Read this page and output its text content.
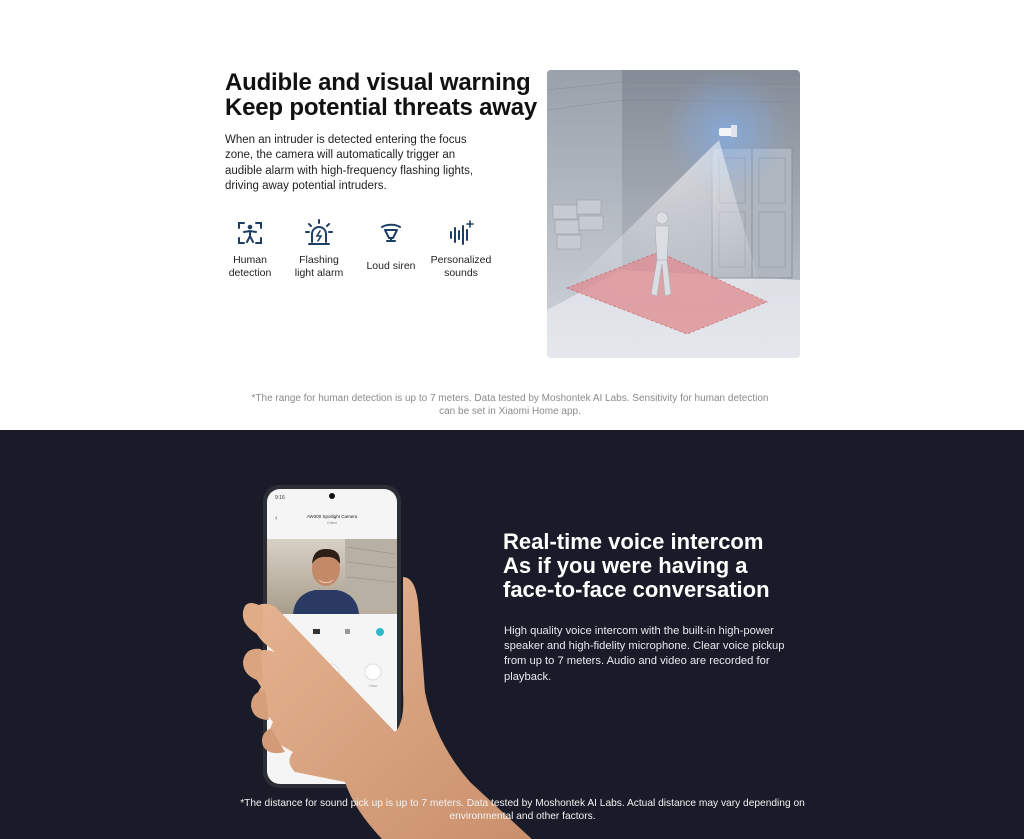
Audible and visual warning
Keep potential threats away

When an intruder is detected entering the focus zone, the camera will automatically trigger an audible alarm with high-frequency flashing lights, driving away potential intruders.

Human
detection
Flashing
light alarm
Loud siren	Personalized
sounds

*The range for human detection is up to 7 meters. Data tested by Moshontek AI Labs. Sensitivity for human detection can be set in Xiaomi Home app.

9:16
‹	AW300 Spotlight Camera
Online
Clown
Real-time voice intercom
As if you were having a
face-to-face conversation

High quality voice intercom with the built-in high-power speaker and high-fidelity microphone. Clear voice pickup from up to 7 meters. Audio and video are recorded for playback.

*The distance for sound pick up is up to 7 meters. Data tested by Moshontek AI Labs. Actual distance may vary depending on environmental and other factors.
